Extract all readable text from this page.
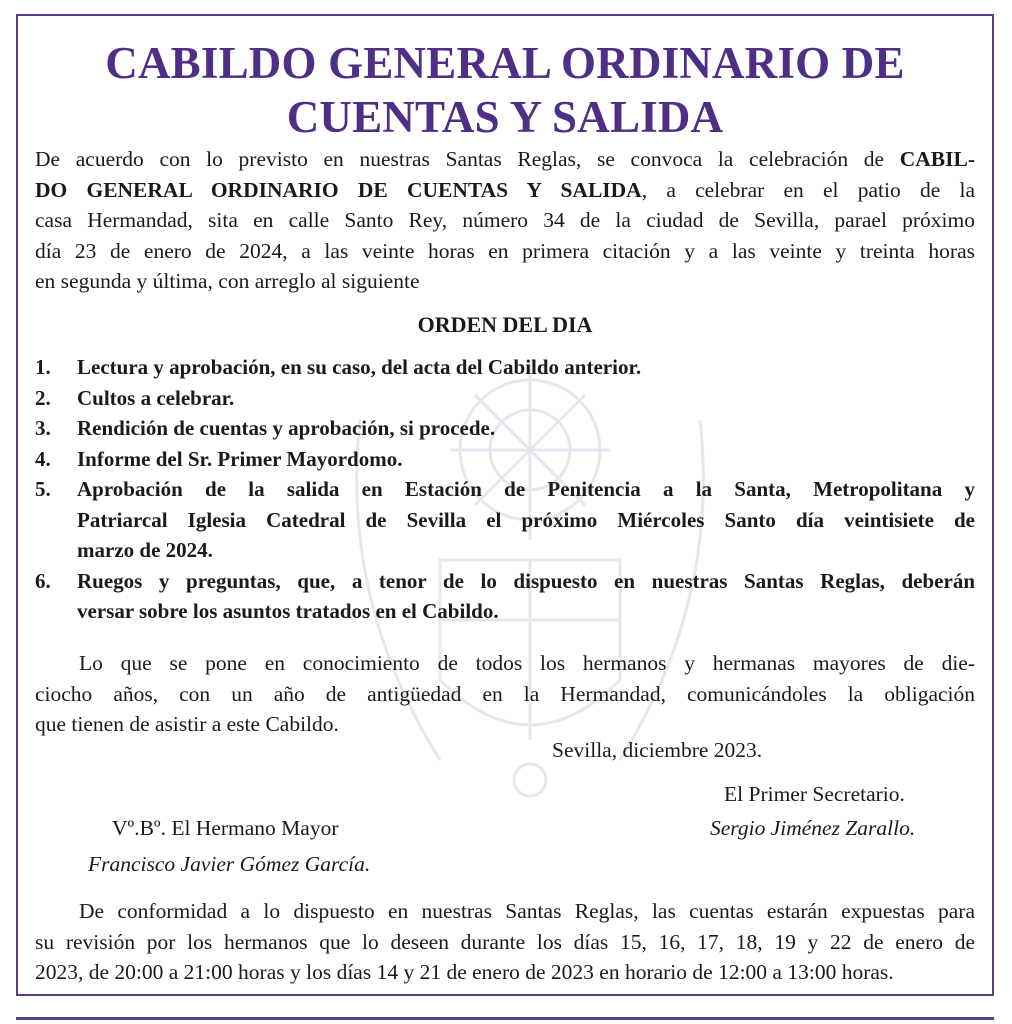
CABILDO GENERAL ORDINARIO DE
CUENTAS Y SALIDA
De acuerdo con lo previsto en nuestras Santas Reglas, se convoca la celebración de CABIL-
DO GENERAL ORDINARIO DE CUENTAS Y SALIDA, a celebrar en el patio de la
casa Hermandad, sita en calle Santo Rey, número 34 de la ciudad de Sevilla, parael próximo
día 23 de enero de 2024, a las veinte horas en primera citación y a las veinte y treinta horas
en segunda y última, con arreglo al siguiente
ORDEN DEL DIA
1.	Lectura y aprobación, en su caso, del acta del Cabildo anterior.
2.	Cultos a celebrar.
3.	Rendición de cuentas y aprobación, si procede.
4.	Informe del Sr. Primer Mayordomo.
5.	Aprobación de la salida en Estación de Penitencia a la Santa, Metropolitana y
Patriarcal Iglesia Catedral de Sevilla el próximo Miércoles Santo día veintisiete de
marzo de 2024.
6.	Ruegos y preguntas, que, a tenor de lo dispuesto en nuestras Santas Reglas, deberán
versar sobre los asuntos tratados en el Cabildo.
Lo que se pone en conocimiento de todos los hermanos y hermanas mayores de die-
ciocho años, con un año de antigüedad en la Hermandad, comunicándoles la obligación
que tienen de asistir a este Cabildo.
Sevilla, diciembre 2023.
El Primer Secretario.
Vº.Bº. El Hermano Mayor	Sergio Jiménez Zarallo.
Francisco Javier Gómez García.
De conformidad a lo dispuesto en nuestras Santas Reglas, las cuentas estarán expuestas para
su revisión por los hermanos que lo deseen durante los días 15, 16, 17, 18, 19 y 22 de enero de
2023, de 20:00 a 21:00 horas y los días 14 y 21 de enero de 2023 en horario de 12:00 a 13:00 horas.
